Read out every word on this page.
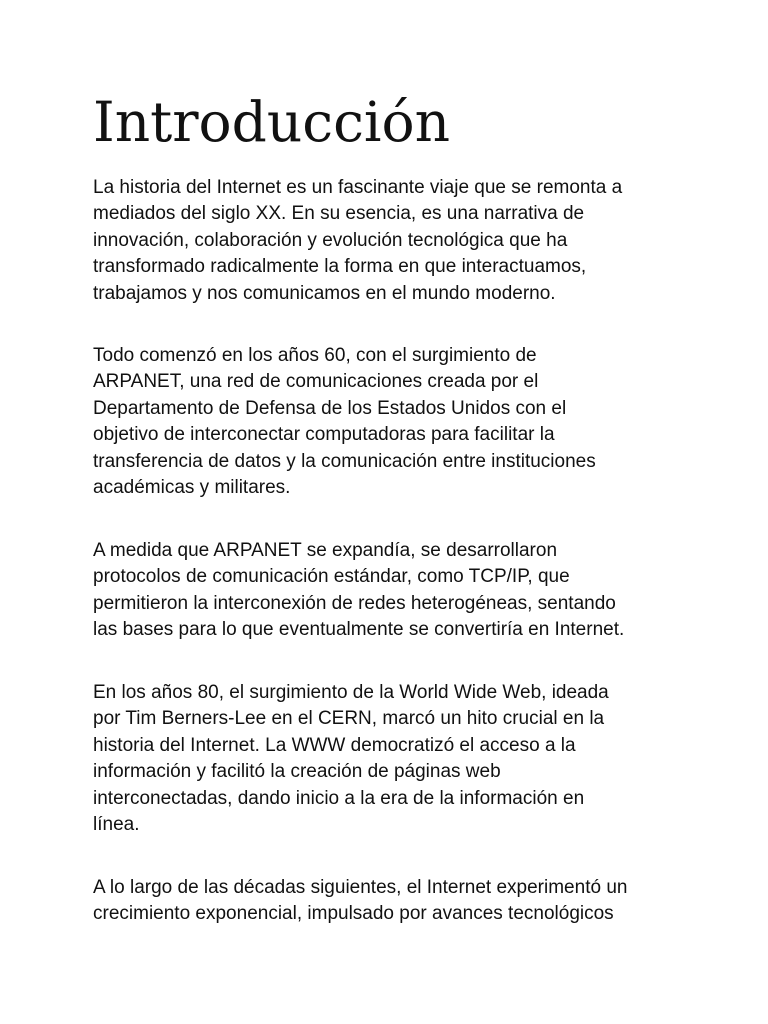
Introducción

La historia del Internet es un fascinante viaje que se remonta a
mediados del siglo XX. En su esencia, es una narrativa de
innovación, colaboración y evolución tecnológica que ha
transformado radicalmente la forma en que interactuamos,
trabajamos y nos comunicamos en el mundo moderno.

Todo comenzó en los años 60, con el surgimiento de
ARPANET, una red de comunicaciones creada por el
Departamento de Defensa de los Estados Unidos con el
objetivo de interconectar computadoras para facilitar la
transferencia de datos y la comunicación entre instituciones
académicas y militares.

A medida que ARPANET se expandía, se desarrollaron
protocolos de comunicación estándar, como TCP/IP, que
permitieron la interconexión de redes heterogéneas, sentando
las bases para lo que eventualmente se convertiría en Internet.

En los años 80, el surgimiento de la World Wide Web, ideada
por Tim Berners-Lee en el CERN, marcó un hito crucial en la
historia del Internet. La WWW democratizó el acceso a la
información y facilitó la creación de páginas web
interconectadas, dando inicio a la era de la información en
línea.

A lo largo de las décadas siguientes, el Internet experimentó un
crecimiento exponencial, impulsado por avances tecnológicos
